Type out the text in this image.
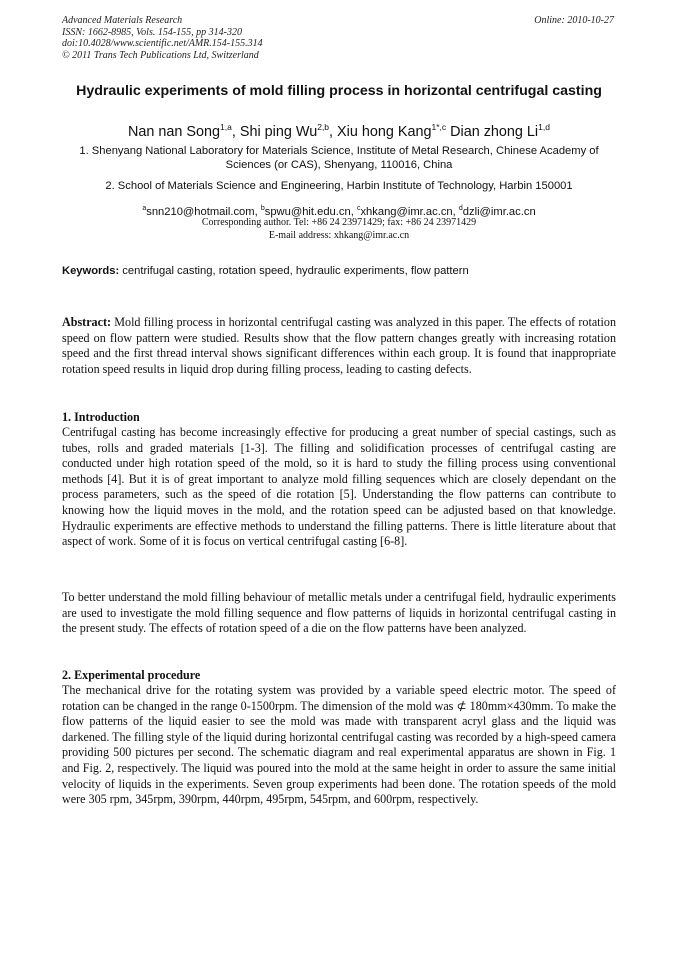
Advanced Materials Research
ISSN: 1662-8985, Vols. 154-155, pp 314-320
doi:10.4028/www.scientific.net/AMR.154-155.314
© 2011 Trans Tech Publications Ltd, Switzerland
Online: 2010-10-27
Hydraulic experiments of mold filling process in horizontal centrifugal casting
Nan nan Song$^{1,a}$, Shi ping Wu$^{2,b}$, Xiu hong Kang$^{1*,c}$ Dian zhong Li$^{1,d}$
1. Shenyang National Laboratory for Materials Science, Institute of Metal Research, Chinese Academy of Sciences (or CAS), Shenyang, 110016, China
2. School of Materials Science and Engineering, Harbin Institute of Technology, Harbin 150001
$^a$snn210@hotmail.com, $^b$spwu@hit.edu.cn, $^c$xhkang@imr.ac.cn, $^d$dzli@imr.ac.cn
Corresponding author. Tel: +86 24 23971429; fax: +86 24 23971429
E-mail address: xhkang@imr.ac.cn
Keywords: centrifugal casting, rotation speed, hydraulic experiments, flow pattern
Abstract: Mold filling process in horizontal centrifugal casting was analyzed in this paper. The effects of rotation speed on flow pattern were studied. Results show that the flow pattern changes greatly with increasing rotation speed and the first thread interval shows significant differences within each group. It is found that inappropriate rotation speed results in liquid drop during filling process, leading to casting defects.
1. Introduction
Centrifugal casting has become increasingly effective for producing a great number of special castings, such as tubes, rolls and graded materials [1-3]. The filling and solidification processes of centrifugal casting are conducted under high rotation speed of the mold, so it is hard to study the filling process using conventional methods [4]. But it is of great important to analyze mold filling sequences which are closely dependant on the process parameters, such as the speed of die rotation [5]. Understanding the flow patterns can contribute to knowing how the liquid moves in the mold, and the rotation speed can be adjusted based on that knowledge. Hydraulic experiments are effective methods to understand the filling patterns. There is little literature about that aspect of work. Some of it is focus on vertical centrifugal casting [6-8].
To better understand the mold filling behaviour of metallic metals under a centrifugal field, hydraulic experiments are used to investigate the mold filling sequence and flow patterns of liquids in horizontal centrifugal casting in the present study. The effects of rotation speed of a die on the flow patterns have been analyzed.
2. Experimental procedure
The mechanical drive for the rotating system was provided by a variable speed electric motor. The speed of rotation can be changed in the range 0-1500rpm. The dimension of the mold was ⊄ 180mm×430mm. To make the flow patterns of the liquid easier to see the mold was made with transparent acryl glass and the liquid was darkened. The filling style of the liquid during horizontal centrifugal casting was recorded by a high-speed camera providing 500 pictures per second. The schematic diagram and real experimental apparatus are shown in Fig. 1 and Fig. 2, respectively. The liquid was poured into the mold at the same height in order to assure the same initial velocity of liquids in the experiments. Seven group experiments had been done. The rotation speeds of the mold were 305 rpm, 345rpm, 390rpm, 440rpm, 495rpm, 545rpm, and 600rpm, respectively.
